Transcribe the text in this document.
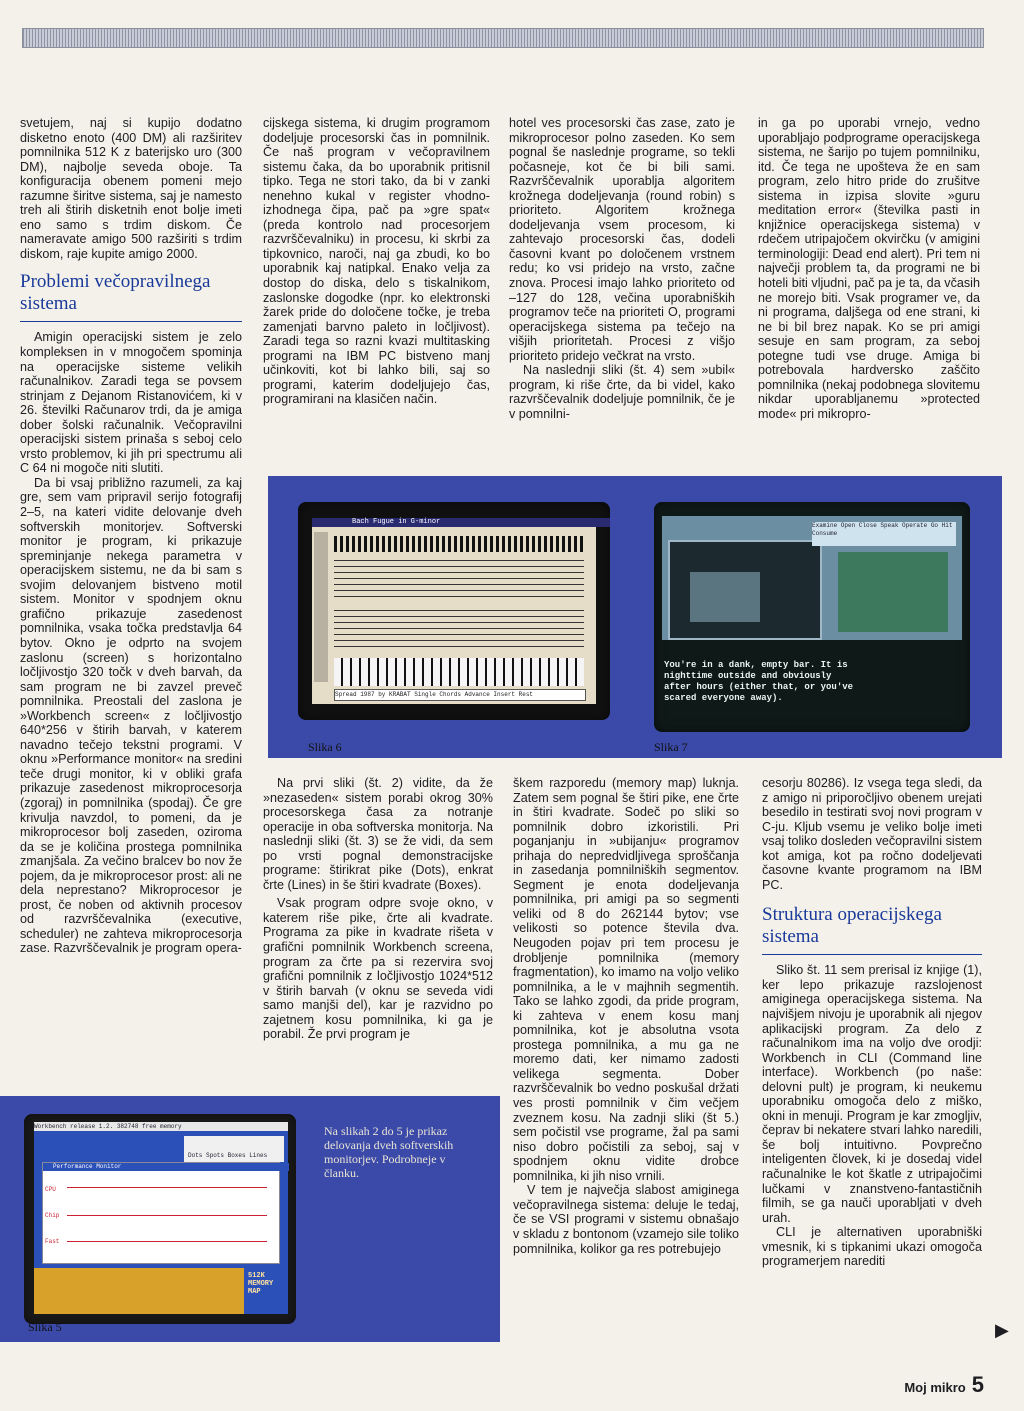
svetujem, naj si kupijo dodatno disketno enoto (400 DM) ali razširitev pomnilnika 512 K z baterijsko uro (300 DM), najbolje seveda oboje. Ta konfiguracija obenem pomeni mejo razumne širitve sistema, saj je namesto treh ali štirih disketnih enot bolje imeti eno samo s trdim diskom. Če nameravate amigo 500 razširiti s trdim diskom, raje kupite amigo 2000.

Problemi večopravilnega sistema

Amigin operacijski sistem je zelo kompleksen in v mnogočem spominja na operacijske sisteme velikih računalnikov. Zaradi tega se povsem strinjam z Dejanom Ristanovićem, ki v 26. številki Računarov trdi, da je amiga dober šolski računalnik. Večopravilni operacijski sistem prinaša s seboj celo vrsto problemov, ki jih pri spectrumu ali C 64 ni mogoče niti slutiti.

Da bi vsaj približno razumeli, za kaj gre, sem vam pripravil serijo fotografij 2–5, na kateri vidite delovanje dveh softverskih monitorjev. Softverski monitor je program, ki prikazuje spreminjanje nekega parametra v operacijskem sistemu, ne da bi sam s svojim delovanjem bistveno motil sistem. Monitor v spodnjem oknu grafično prikazuje zasedenost pomnilnika, vsaka točka predstavlja 64 bytov. Okno je odprto na svojem zaslonu (screen) s horizontalno ločljivostjo 320 točk v dveh barvah, da sam program ne bi zavzel preveč pomnilnika. Preostali del zaslona je »Workbench screen« z ločljivostjo 640*256 v štirih barvah, v katerem navadno tečejo tekstni programi. V oknu »Performance monitor« na sredini teče drugi monitor, ki v obliki grafa prikazuje zasedenost mikroprocesorja (zgoraj) in pomnilnika (spodaj). Če gre krivulja navzdol, to pomeni, da je mikroprocesor bolj zaseden, oziroma da se je količina prostega pomnilnika zmanjšala. Za večino bralcev bo nov že pojem, da je mikroprocesor prost: ali ne dela neprestano? Mikroprocesor je prost, če noben od aktivnih procesov od razvrščevalnika (executive, scheduler) ne zahteva mikroprocesorja zase. Razvrščevalnik je program opera-

cijskega sistema, ki drugim programom dodeljuje procesorski čas in pomnilnik. Če naš program v večopravilnem sistemu čaka, da bo uporabnik pritisnil tipko. Tega ne stori tako, da bi v zanki nenehno kukal v register vhodno-izhodnega čipa, pač pa »gre spat« (preda kontrolo nad procesorjem razvrščevalniku) in procesu, ki skrbi za tipkovnico, naroči, naj ga zbudi, ko bo uporabnik kaj natipkal. Enako velja za dostop do diska, delo s tiskalnikom, zaslonske dogodke (npr. ko elektronski žarek pride do določene točke, je treba zamenjati barvno paleto in ločljivost). Zaradi tega so razni kvazi multitasking programi na IBM PC bistveno manj učinkoviti, kot bi lahko bili, saj so programi, katerim dodeljujejo čas, programirani na klasičen način.

hotel ves procesorski čas zase, zato je mikroprocesor polno zaseden. Ko sem pognal še naslednje programe, so tekli počasneje, kot če bi bili sami. Razvrščevalnik uporablja algoritem krožnega dodeljevanja (round robin) s prioriteto. Algoritem krožnega dodeljevanja vsem procesom, ki zahtevajo procesorski čas, dodeli časovni kvant po določenem vrstnem redu; ko vsi pridejo na vrsto, začne znova. Procesi imajo lahko prioriteto od –127 do 128, večina uporabniških programov teče na prioriteti O, programi operacijskega sistema pa tečejo na višjih prioritetah. Procesi z višjo prioriteto pridejo večkrat na vrsto.

Na naslednji sliki (št. 4) sem »ubil« program, ki riše črte, da bi videl, kako razvrščevalnik dodeljuje pomnilnik, če je v pomnilni-

in ga po uporabi vrnejo, vedno uporabljajo podprograme operacijskega sistema, ne šarijo po tujem pomnilniku, itd. Če tega ne upošteva že en sam program, zelo hitro pride do zrušitve sistema in izpisa slovite »guru meditation error« (številka pasti in knjižnice operacijskega sistema) v rdečem utripajočem okvirčku (v amigini terminologiji: Dead end alert). Pri tem ni največji problem ta, da programi ne bi hoteli biti vljudni, pač pa je ta, da včasih ne morejo biti. Vsak programer ve, da ni programa, daljšega od ene strani, ki ne bi bil brez napak. Ko se pri amigi sesuje en sam program, za seboj potegne tudi vse druge. Amiga bi potrebovala hardversko zaščito pomnilnika (nekaj podobnega slovitemu nikdar uporabljanemu »protected mode« pri mikropro-

Bach Fugue in G-minor
Spread 1987 by KRABAT Single Chords Advance Insert Rest
Slika 6
Examine Open Close Speak Operate Go Hit Consume
You're in a dank, empty bar. It is
nighttime outside and obviously
after hours (either that, or you've
scared everyone away).
Slika 7

Na prvi sliki (št. 2) vidite, da že »nezaseden« sistem porabi okrog 30% procesorskega časa za notranje operacije in oba softverska monitorja. Na naslednji sliki (št. 3) se že vidi, da sem po vrsti pognal demonstracijske programe: štirikrat pike (Dots), enkrat črte (Lines) in še štiri kvadrate (Boxes).

Vsak program odpre svoje okno, v katerem riše pike, črte ali kvadrate. Programa za pike in kvadrate rišeta v grafični pomnilnik Workbench screena, program za črte pa si rezervira svoj grafični pomnilnik z ločljivostjo 1024*512 v štirih barvah (v oknu se seveda vidi samo manjši del), kar je razvidno po zajetnem kosu pomnilnika, ki ga je porabil. Že prvi program je

škem razporedu (memory map) luknja. Zatem sem pognal še štiri pike, ene črte in štiri kvadrate. Sodeč po sliki so pomnilnik dobro izkoristili. Pri poganjanju in »ubijanju« programov prihaja do nepredvidljivega sproščanja in zasedanja pomnilniških segmentov. Segment je enota dodeljevanja pomnilnika, pri amigi pa so segmenti veliki od 8 do 262144 bytov; vse velikosti so potence števila dva. Neugoden pojav pri tem procesu je drobljenje pomnilnika (memory fragmentation), ko imamo na voljo veliko pomnilnika, a le v majhnih segmentih. Tako se lahko zgodi, da pride program, ki zahteva v enem kosu manj pomnilnika, kot je absolutna vsota prostega pomnilnika, a mu ga ne moremo dati, ker nimamo zadosti velikega segmenta. Dober razvrščevalnik bo vedno poskušal držati ves prosti pomnilnik v čim večjem zveznem kosu. Na zadnji sliki (št 5.) sem počistil vse programe, žal pa sami niso dobro počistili za seboj, saj v spodnjem oknu vidite drobce pomnilnika, ki jih niso vrnili.

V tem je največja slabost amiginega večopravilnega sistema: deluje le tedaj, če se VSI programi v sistemu obnašajo v skladu z bontonom (vzamejo sile toliko pomnilnika, kolikor ga res potrebujejo

cesorju 80286). Iz vsega tega sledi, da z amigo ni priporočljivo obenem urejati besedilo in testirati svoj novi program v C-ju. Kljub vsemu je veliko bolje imeti vsaj toliko dosleden večopravilni sistem kot amiga, kot pa ročno dodeljevati časovne kvante programom na IBM PC.

Struktura operacijskega sistema

Sliko št. 11 sem prerisal iz knjige (1), ker lepo prikazuje razslojenost amiginega operacijskega sistema. Na najvišjem nivoju je uporabnik ali njegov aplikacijski program. Za delo z računalnikom ima na voljo dve orodji: Workbench in CLI (Command line interface). Workbench (po naše: delovni pult) je program, ki neukemu uporabniku omogoča delo z miško, okni in menuji. Program je kar zmogljiv, čeprav bi nekatere stvari lahko naredili, še bolj intuitivno. Povprečno inteligenten človek, ki je dosedaj videl računalnike le kot škatle z utripajočimi lučkami v znanstveno-fantastičnih filmih, se ga nauči uporabljati v dveh urah.

CLI je alternativen uporabniški vmesnik, ki s tipkanimi ukazi omogoča programerjem narediti

Workbench release 1.2. 382748 free memory
Dots Spots Boxes Lines
Performance Monitor
CPU
Chip
Fast
512K
MEMORY
MAP
Na slikah 2 do 5 je prikaz delovanja dveh softverskih monitorjev. Podrobneje v članku.
Slika 5	▶
Moj mikro 5
